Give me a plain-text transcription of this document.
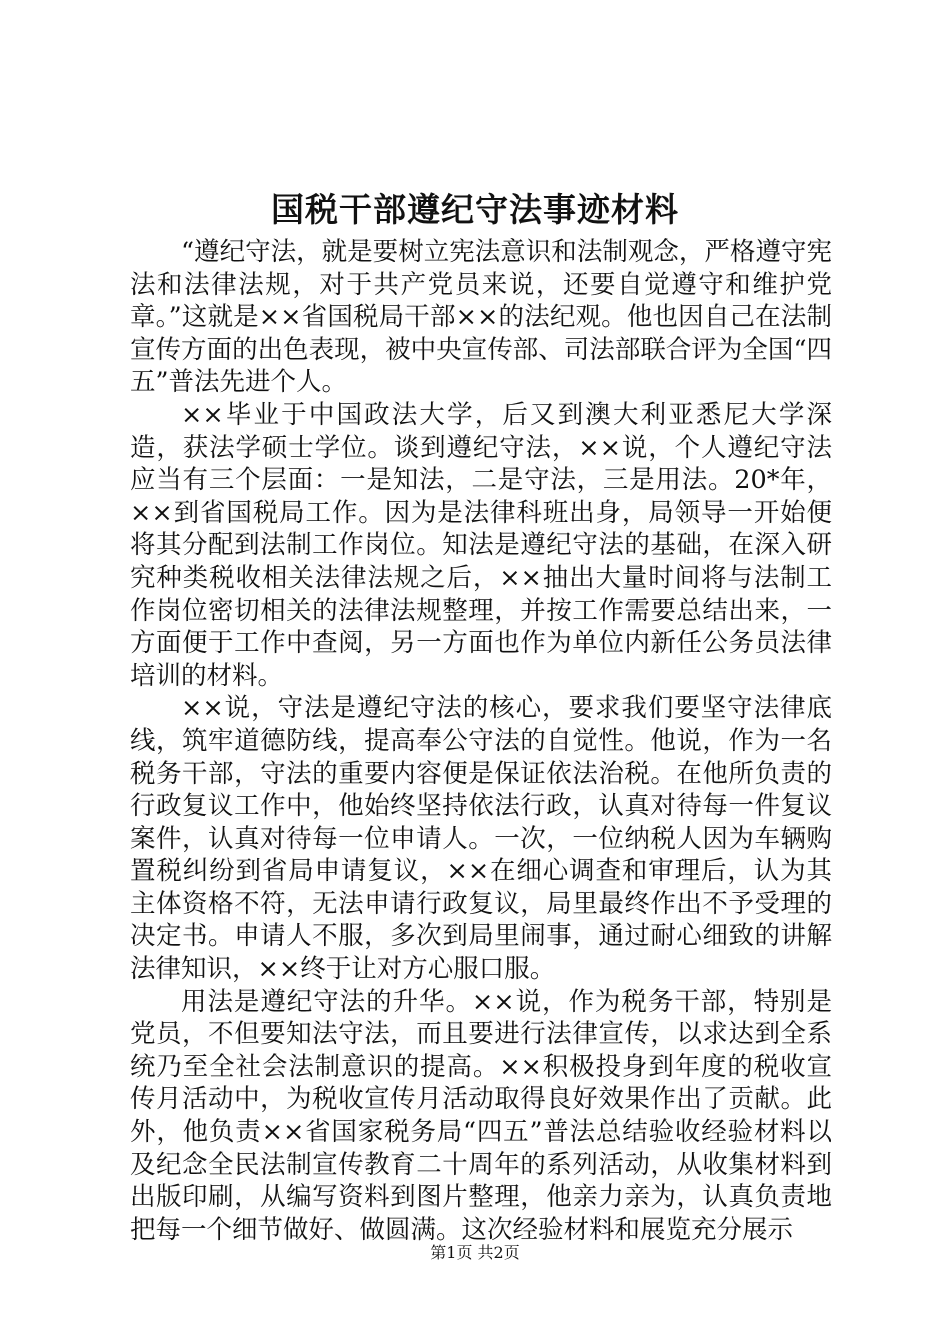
国税干部遵纪守法事迹材料

“遵纪守法，就是要树立宪法意识和法制观念，严格遵守宪法和法律法规，对于共产党员来说，还要自觉遵守和维护党章。”这就是××省国税局干部××的法纪观。他也因自己在法制宣传方面的出色表现，被中央宣传部、司法部联合评为全国“四五”普法先进个人。

××毕业于中国政法大学，后又到澳大利亚悉尼大学深造，获法学硕士学位。谈到遵纪守法，××说，个人遵纪守法应当有三个层面：一是知法，二是守法，三是用法。20*年，××到省国税局工作。因为是法律科班出身，局领导一开始便将其分配到法制工作岗位。知法是遵纪守法的基础，在深入研究种类税收相关法律法规之后，××抽出大量时间将与法制工作岗位密切相关的法律法规整理，并按工作需要总结出来，一方面便于工作中查阅，另一方面也作为单位内新任公务员法律培训的材料。

××说，守法是遵纪守法的核心，要求我们要坚守法律底线，筑牢道德防线，提高奉公守法的自觉性。他说，作为一名税务干部，守法的重要内容便是保证依法治税。在他所负责的行政复议工作中，他始终坚持依法行政，认真对待每一件复议案件，认真对待每一位申请人。一次，一位纳税人因为车辆购置税纠纷到省局申请复议，××在细心调查和审理后，认为其主体资格不符，无法申请行政复议，局里最终作出不予受理的决定书。申请人不服，多次到局里闹事，通过耐心细致的讲解法律知识，××终于让对方心服口服。

用法是遵纪守法的升华。××说，作为税务干部，特别是党员，不但要知法守法，而且要进行法律宣传，以求达到全系统乃至全社会法制意识的提高。××积极投身到年度的税收宣传月活动中，为税收宣传月活动取得良好效果作出了贡献。此外，他负责××省国家税务局“四五”普法总结验收经验材料以及纪念全民法制宣传教育二十周年的系列活动，从收集材料到出版印刷，从编写资料到图片整理，他亲力亲为，认真负责地把每一个细节做好、做圆满。这次经验材料和展览充分展示

第1页 共2页
